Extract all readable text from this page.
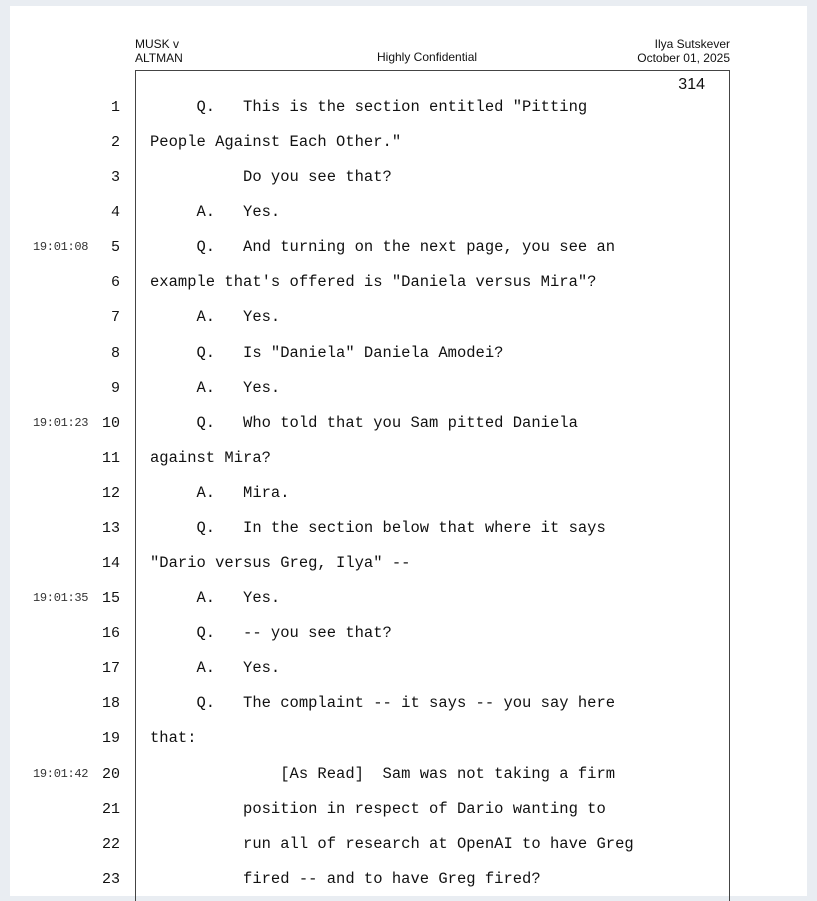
MUSK v
ALTMAN	Highly Confidential
Ilya Sutskever
October 01, 2025
314
1 Q.   This is the section entitled "Pitting
2 People Against Each Other."
3 Do you see that?
4 A.   Yes.
19:01:08 5 Q.   And turning on the next page, you see an
6 example that's offered is "Daniela versus Mira"?
7 A.   Yes.
8 Q.   Is "Daniela" Daniela Amodei?
9 A.   Yes.
19:01:23 10 Q.   Who told that you Sam pitted Daniela
11 against Mira?
12 A.   Mira.
13 Q.   In the section below that where it says
14 "Dario versus Greg, Ilya" --
19:01:35 15 A.   Yes.
16 Q.   -- you see that?
17 A.   Yes.
18 Q.   The complaint -- it says -- you say here
19 that:
19:01:42 20 [As Read]  Sam was not taking a firm
21 position in respect of Dario wanting to
22 run all of research at OpenAI to have Greg
23 fired -- and to have Greg fired?
